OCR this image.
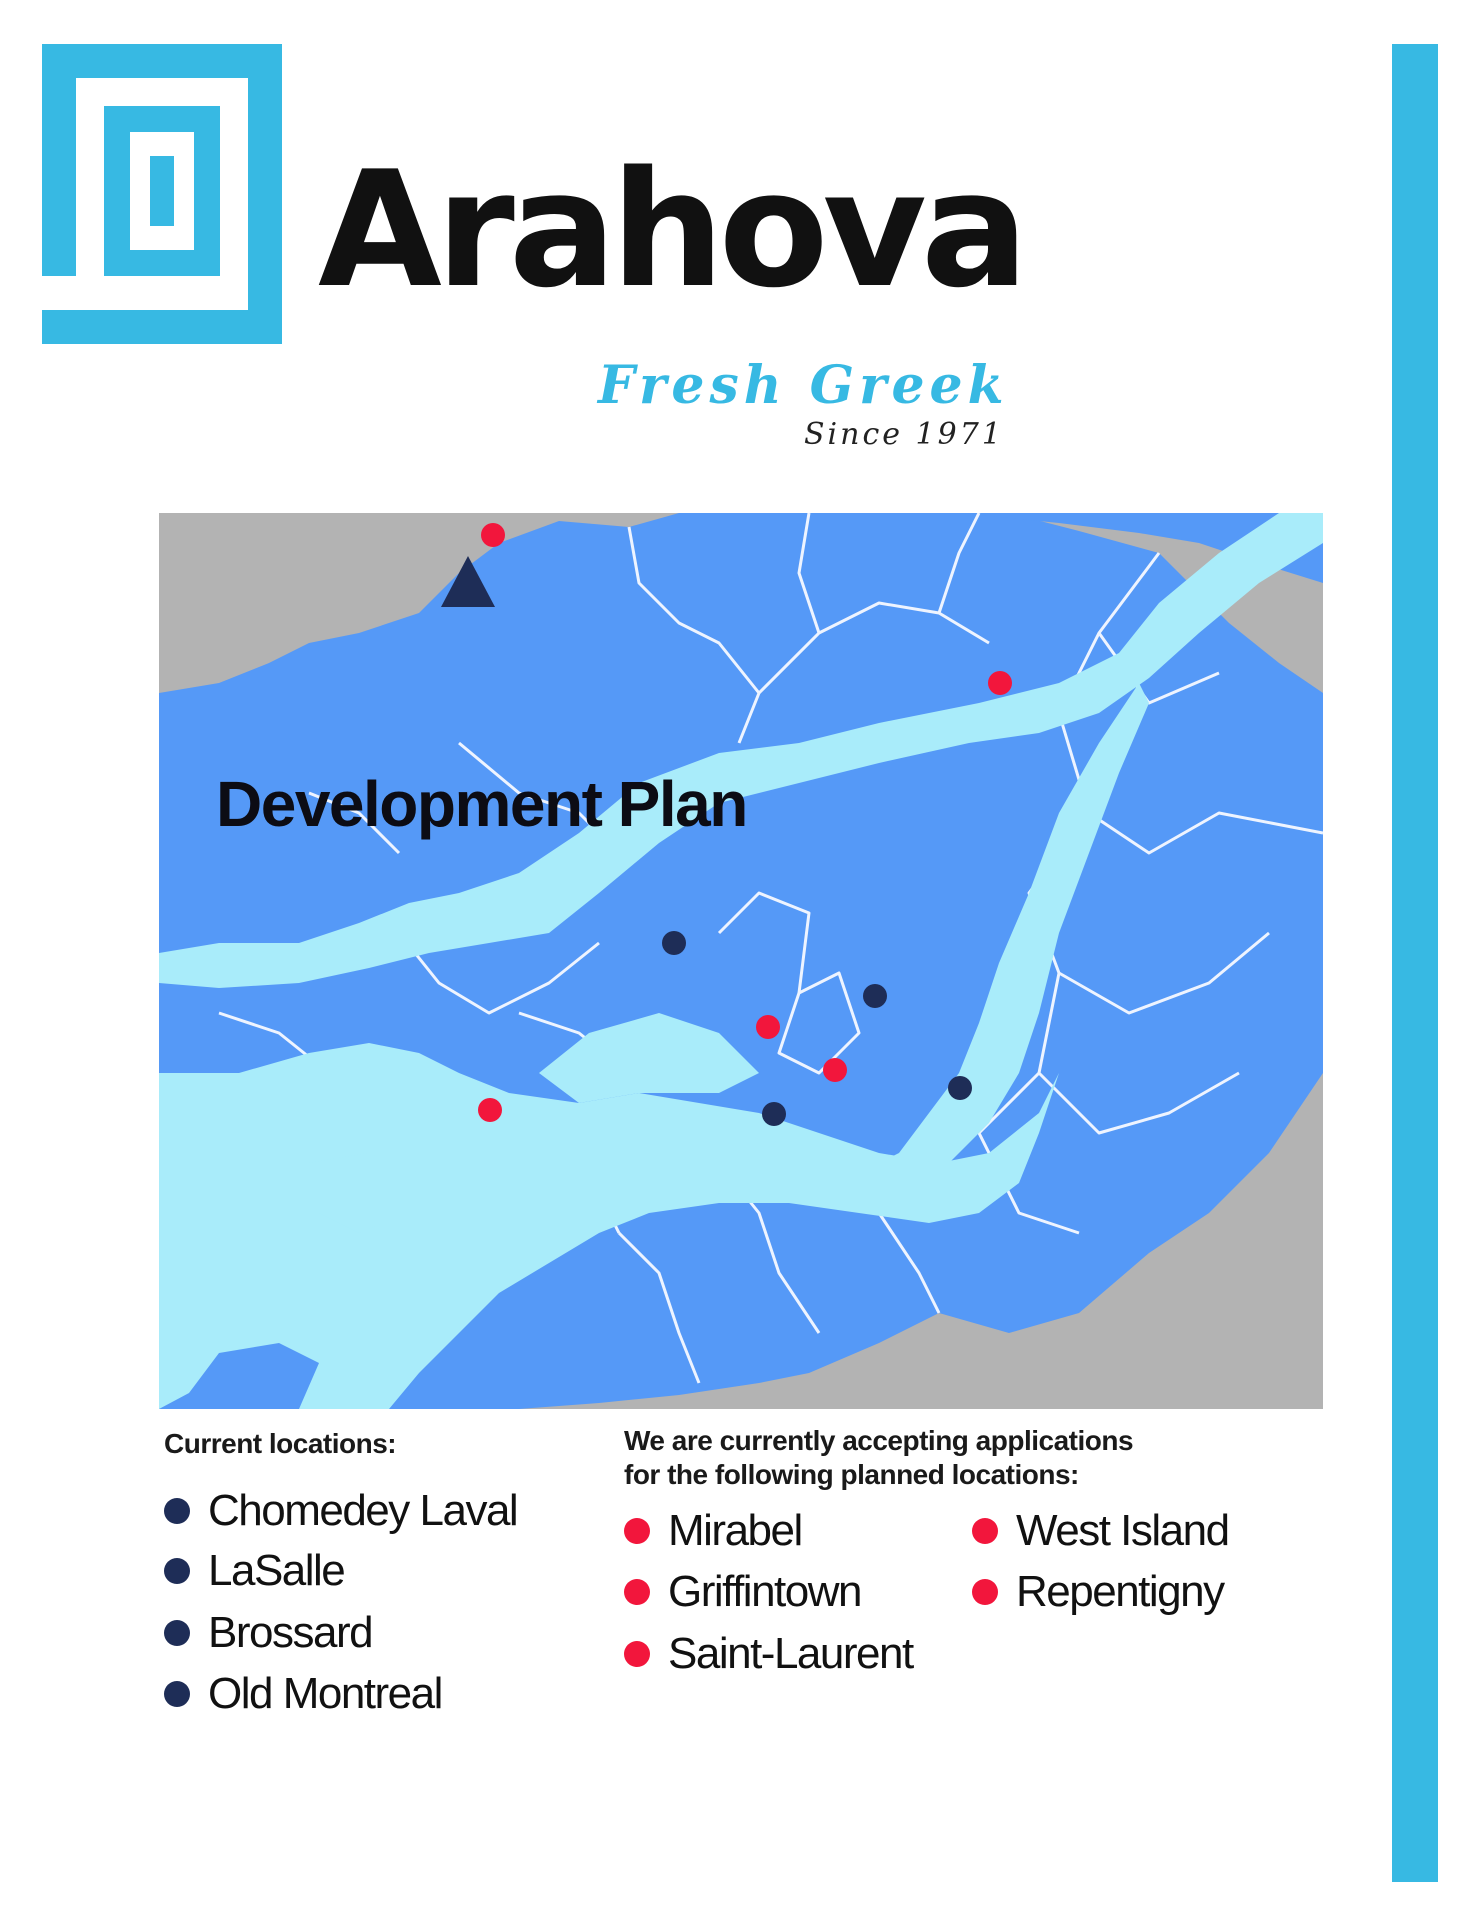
Arahova
Fresh Greek
Since 1971
Development Plan
Current locations:
Chomedey Laval
LaSalle
Brossard
Old Montreal
We are currently accepting applications
for the following planned locations:
Mirabel
Griffintown
Saint-Laurent
West Island
Repentigny
